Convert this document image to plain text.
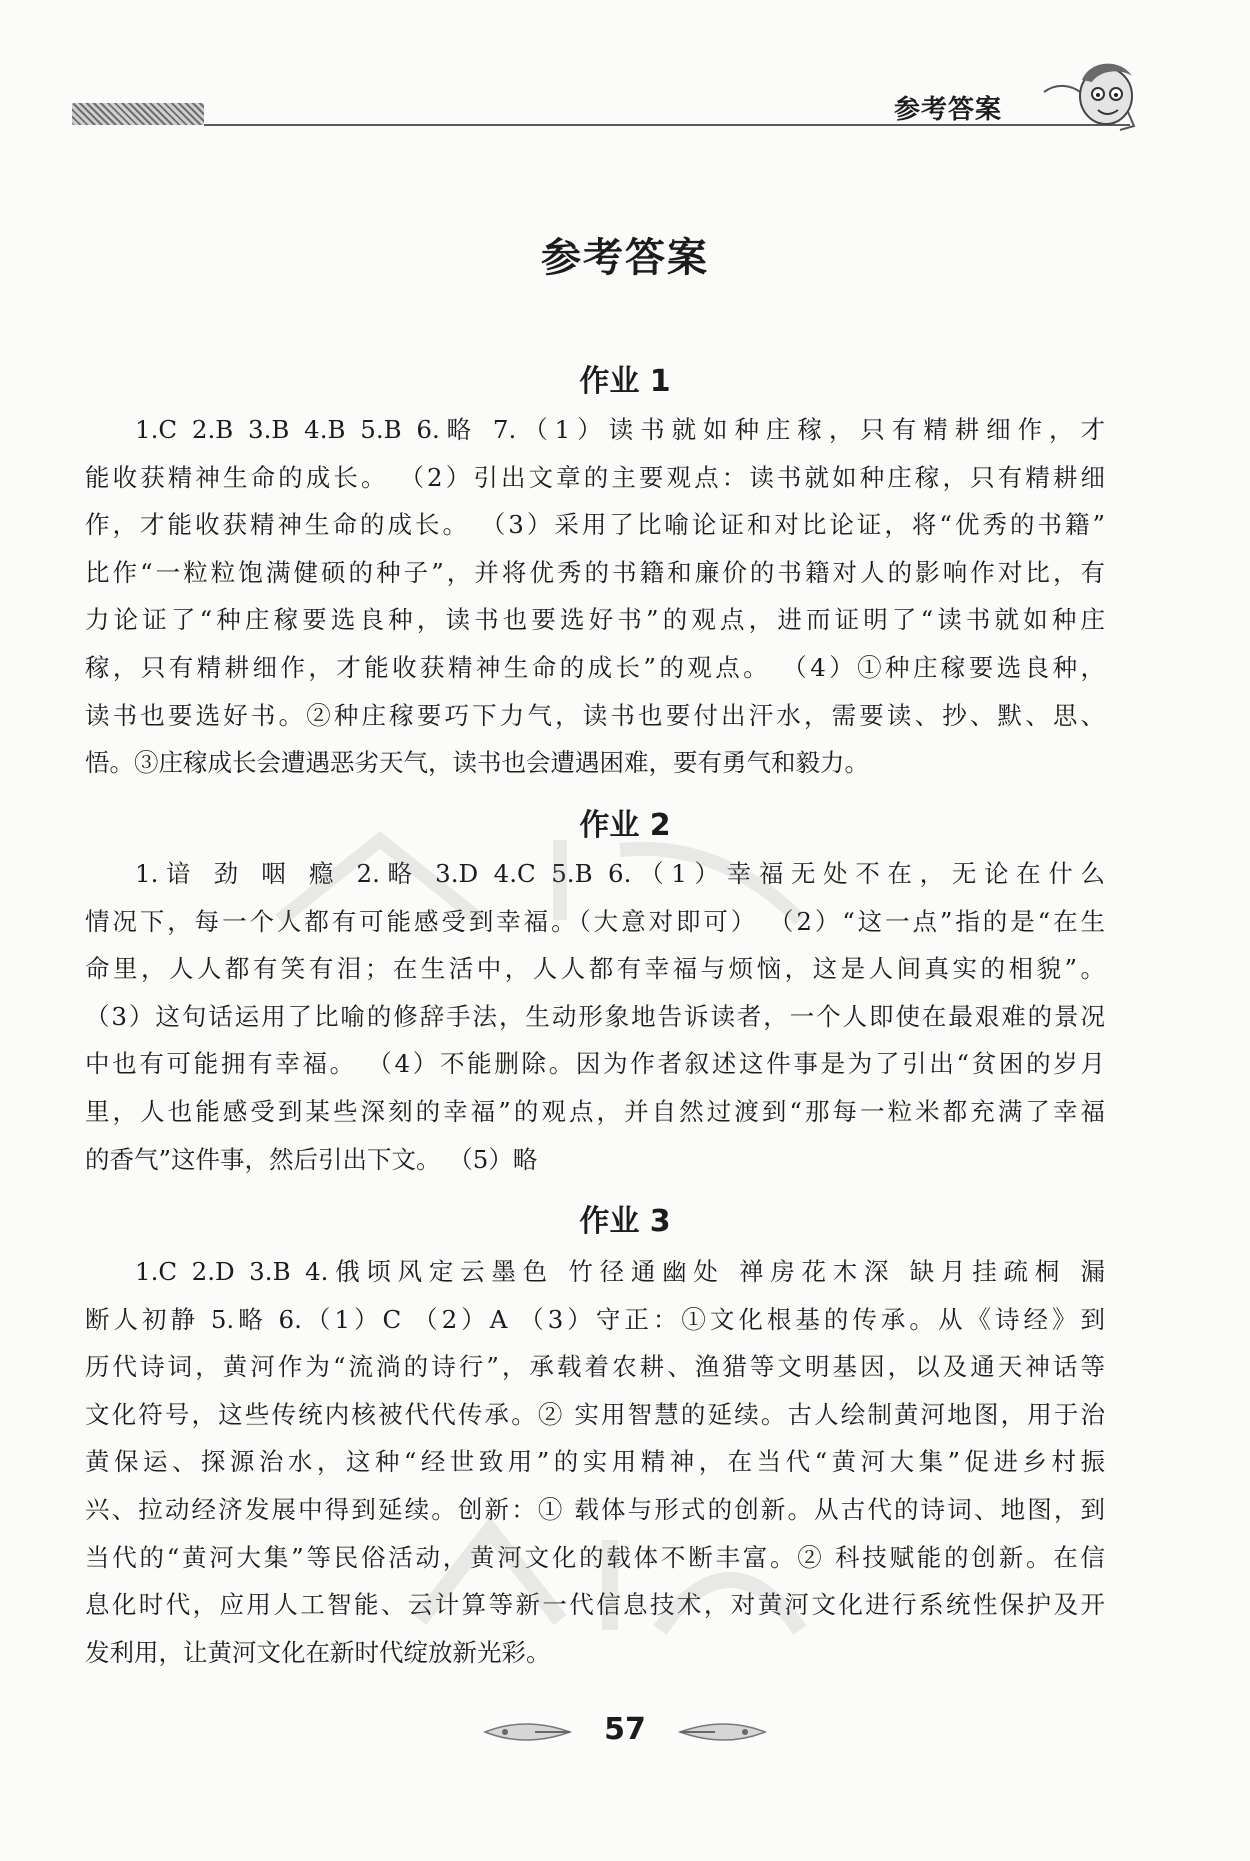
参考答案
参考答案
作业 1
1.C 2.B 3.B 4.B 5.B 6.略 7.（1）读书就如种庄稼，只有精耕细作，才
能收获精神生命的成长。 （2）引出文章的主要观点：读书就如种庄稼，只有精耕细
作，才能收获精神生命的成长。 （3）采用了比喻论证和对比论证，将“优秀的书籍”
比作“一粒粒饱满健硕的种子”，并将优秀的书籍和廉价的书籍对人的影响作对比，有
力论证了“种庄稼要选良种，读书也要选好书”的观点，进而证明了“读书就如种庄
稼，只有精耕细作，才能收获精神生命的成长”的观点。 （4）①种庄稼要选良种，
读书也要选好书。②种庄稼要巧下力气，读书也要付出汗水，需要读、抄、默、思、
悟。③庄稼成长会遭遇恶劣天气，读书也会遭遇困难，要有勇气和毅力。
作业 2
1.谙 劲 咽 瘾 2.略 3.D 4.C 5.B 6.（1）幸福无处不在，无论在什么
情况下，每一个人都有可能感受到幸福。（大意对即可） （2）“这一点”指的是“在生
命里，人人都有笑有泪；在生活中，人人都有幸福与烦恼，这是人间真实的相貌”。
（3）这句话运用了比喻的修辞手法，生动形象地告诉读者，一个人即使在最艰难的景况
中也有可能拥有幸福。 （4）不能删除。因为作者叙述这件事是为了引出“贫困的岁月
里，人也能感受到某些深刻的幸福”的观点，并自然过渡到“那每一粒米都充满了幸福
的香气”这件事，然后引出下文。 （5）略
作业 3
1.C 2.D 3.B 4.俄顷风定云墨色 竹径通幽处 禅房花木深 缺月挂疏桐 漏
断人初静 5.略 6.（1）C （2）A （3）守正：①文化根基的传承。从《诗经》到
历代诗词，黄河作为“流淌的诗行”，承载着农耕、渔猎等文明基因，以及通天神话等
文化符号，这些传统内核被代代传承。② 实用智慧的延续。古人绘制黄河地图，用于治
黄保运、探源治水，这种“经世致用”的实用精神，在当代“黄河大集”促进乡村振
兴、拉动经济发展中得到延续。创新：① 载体与形式的创新。从古代的诗词、地图，到
当代的“黄河大集”等民俗活动，黄河文化的载体不断丰富。② 科技赋能的创新。在信
息化时代，应用人工智能、云计算等新一代信息技术，对黄河文化进行系统性保护及开
发利用，让黄河文化在新时代绽放新光彩。
57
